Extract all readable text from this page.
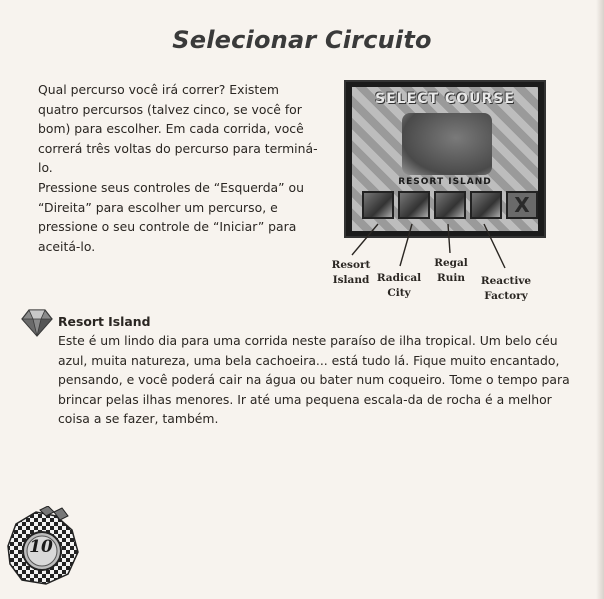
Selecionar Circuito
Qual percurso você irá correr? Existem quatro percursos (talvez cinco, se você for bom) para escolher. Em cada corrida, você correrá três voltas do percurso para terminá-lo.
Pressione seus controles de “Esquerda” ou “Direita” para escolher um percurso, e pressione o seu controle de “Iniciar” para aceitá-lo.
SELECT COURSE
RESORT ISLAND
X
Resort
Island Radical
City
Regal
Ruin	Reactive
Factory
Resort Island
Este é um lindo dia para uma corrida neste paraíso de ilha tropical. Um belo céu azul, muita natureza, uma bela cachoeira... está tudo lá. Fique muito encantado, pensando, e você poderá cair na água ou bater num coqueiro. Tome o tempo para brincar pelas ilhas menores. Ir até uma pequena escala-da de rocha é a melhor coisa a se fazer, também.
10
